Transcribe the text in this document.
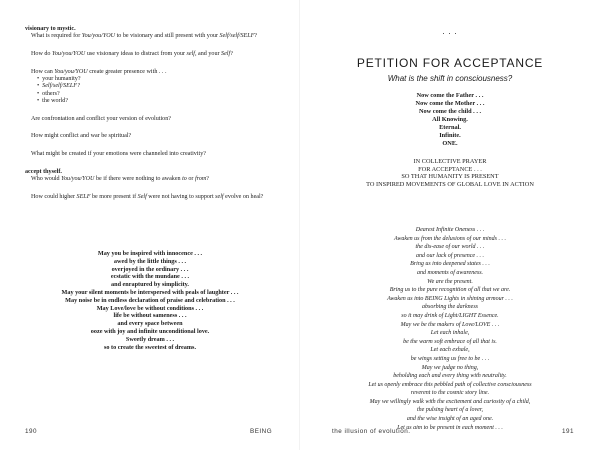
visionary to mystic.

What is required for You/you/YOU to be visionary and still present with your Self/self/SELF?

How do You/you/YOU use visionary ideas to distract from your self, and your Self?

How can You/you/YOU create greater presence with . . .

• your humanity?
• Self/self/SELF?
• others?
• the world?

Are confrontation and conflict your version of evolution?

How might conflict and war be spiritual?

What might be created if your emotions were channeled into creativity?

accept thyself.

Who would You/you/YOU be if there were nothing to awaken to or from?

How could higher SELF be more present if Self were not having to support self evolve on heal?

May you be inspired with innocence . . .
awed by the little things . . .
overjoyed in the ordinary . . .
ecstatic with the mundane . . .
and enraptured by simplicity.
May your silent moments be interspersed with peals of laughter . . .
May noise be in endless declaration of praise and celebration . . .
May Love/love be without conditions . . .
life be without sameness . . .
and every space between
ooze with joy and infinite unconditional love.
Sweetly dream . . .
so to create the sweetest of dreams.
190	BEING
. . .
PETITION FOR ACCEPTANCE
What is the shift in consciousness?
Now come the Father . . .
Now come the Mother . . .
Now come the child . . .
All Knowing.
Eternal.
Infinite.
ONE.
IN COLLECTIVE PRAYER
FOR ACCEPTANCE . . .
SO THAT HUMANITY IS PRESENT
TO INSPIRED MOVEMENTS OF GLOBAL LOVE IN ACTION
Dearest Infinite Oneness . . .
Awaken us from the delusions of our minds . . .
the dis-ease of our world . . .
and our lack of presence . . .
Bring us into deepened states . . .
and moments of awareness.
We are the present.
Bring us to the pure recognition of all that we are.
Awaken us into BEING Lights in shining armour . . .
absorbing the darkness
so it may drink of Light/LIGHT Essence.
May we be the makers of Love/LOVE . . .
Let each inhale,
be the warm soft embrace of all that is.
Let each exhale,
be wings setting us free to be . . .
May we judge no thing,
beholding each and every thing with neutrality.
Let us openly embrace this pebbled path of collective consciousness
reverent to the cosmic story line.
May we willingly walk with the excitement and curiosity of a child,
the pulsing heart of a lover,
and the wise insight of an aged one.
Let us aim to be present in each moment . . .
the illusion of evolution.	191
